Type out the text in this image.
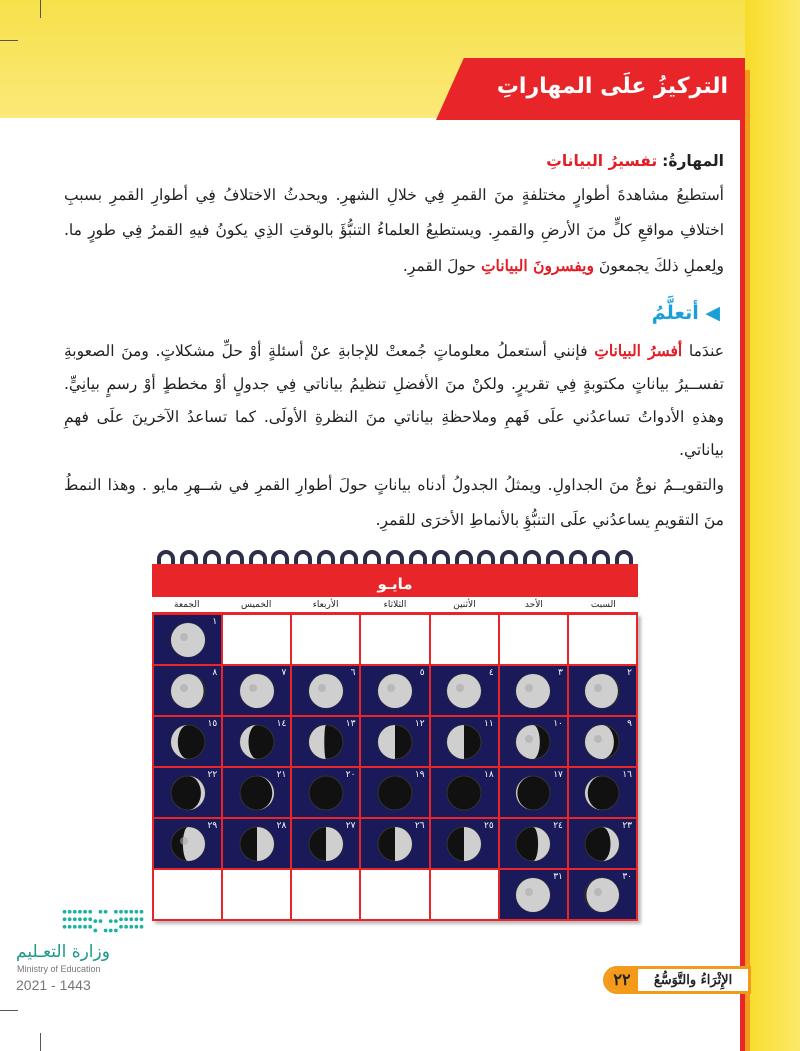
التركيزُ علَى المهاراتِ
المهارةُ: تفسيرُ البياناتِ
أستطيعُ مشاهدةَ أطوارٍ مختلفةٍ منَ القمرِ فِي خلالِ الشهرِ. ويحدثُ الاختلافُ فِي أطوارِ القمرِ بسببِ اختلافِ مواقعِ كلٍّ منَ الأرضِ والقمرِ. ويستطيعُ العلماءُ التنبُّؤَ بالوقتِ الذِي يكونُ فيهِ القمرُ فِي طورٍ ما. ولِعملِ ذلكَ يجمعونَ ويفسرونَ البياناتِ حولَ القمرِ.
◀ أتعلَّمُ
عندَما أفسرُ البياناتِ فإنني أستعملُ معلوماتٍ جُمعتْ للإجابةِ عنْ أسئلةٍ أوْ حلِّ مشكلاتٍ. ومنَ الصعوبةِ تفســيرُ بياناتٍ مكتوبةٍ فِي تقريرٍ. ولكنْ منَ الأفضلِ تنظيمُ بياناتي فِي جدولٍ أوْ مخططٍ أوْ رسمٍ بيانِيٍّ. وهذهِ الأدواتُ تساعدُني علَى فَهمِ وملاحظةِ بياناتي منَ النظرةِ الأولَى. كما تساعدُ الآخرينَ علَى فهمِ بياناتي.
والتقويــمُ نوعٌ منَ الجداولِ. ويمثلُ الجدولُ أدناه بياناتٍ حولَ أطوارِ القمرِ في شــهرِ مايو . وهذا النمطُ منَ التقويمِ يساعدُني علَى التنبُّؤِ بالأنماطِ الأخرَى للقمرِ.
مايـو
السبت
الأحد
الأثنين
الثلاثاء
الأربعاء
الخميس
الجمعة
١
٢
٣
٤
٥
٦
٧
٨
٩
١٠
١١
١٢
١٣
١٤
١٥
١٦
١٧
١٨
١٩
٢٠
٢١
٢٢
٢٣
٢٤
٢٥
٢٦
٢٧
٢٨
٢٩
٣٠
٣١
وزارة التعـليم
Ministry of Education
2021 - 1443	الإِثْرَاءُ والتَّوَسُّعُ
٢٢
